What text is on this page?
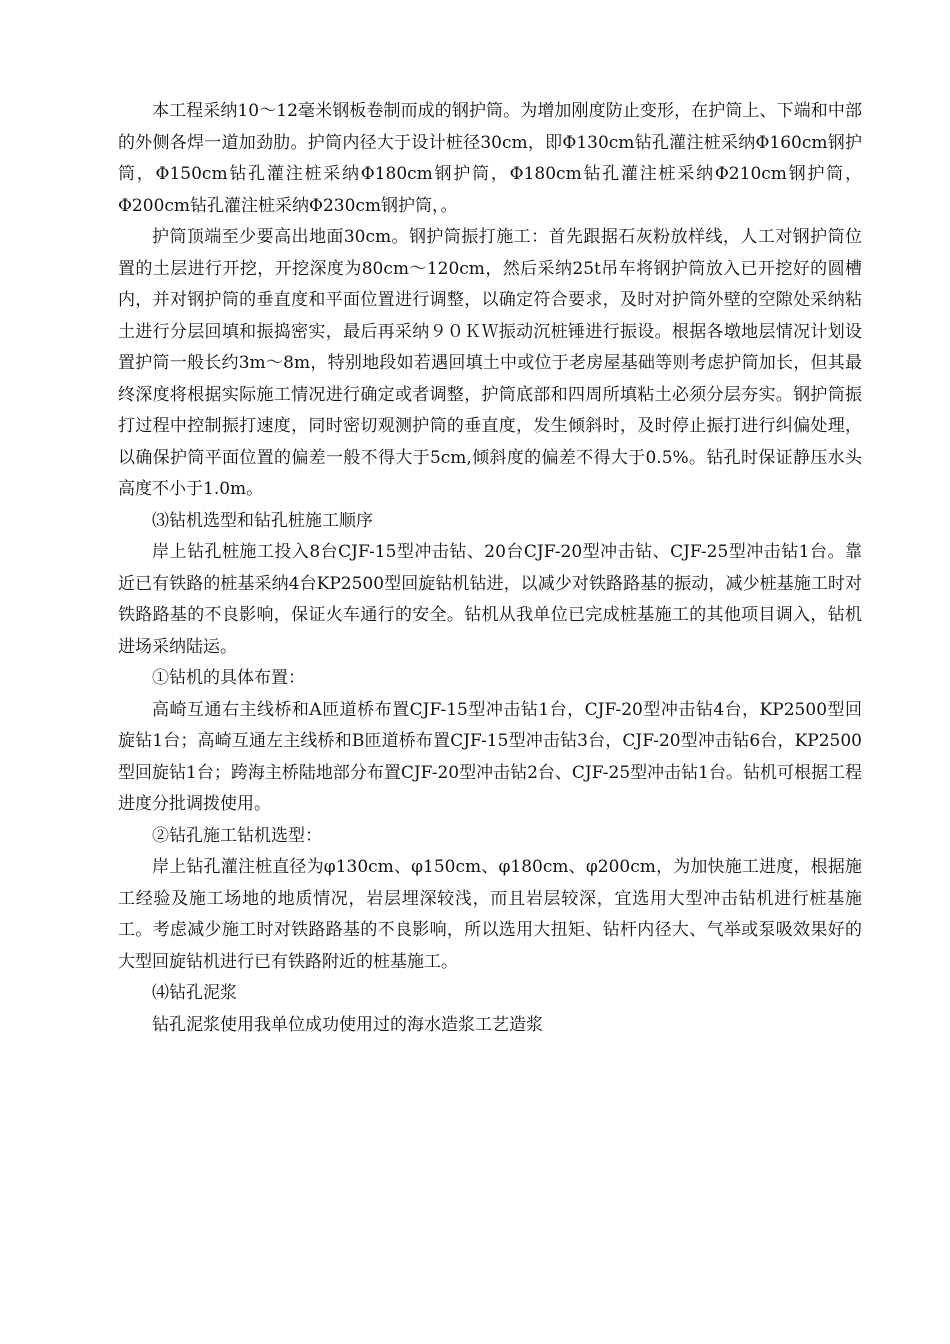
本工程采纳10～12毫米钢板卷制而成的钢护筒。为增加刚度防止变形，在护筒上、下端和中部的外侧各焊一道加劲肋。护筒内径大于设计桩径30cm，即Φ130cm钻孔灌注桩采纳Φ160cm钢护筒，Φ150cm钻孔灌注桩采纳Φ180cm钢护筒，Φ180cm钻孔灌注桩采纳Φ210cm钢护筒，Φ200cm钻孔灌注桩采纳Φ230cm钢护筒，。

护筒顶端至少要高出地面30cm。钢护筒振打施工：首先跟据石灰粉放样线，人工对钢护筒位置的土层进行开挖，开挖深度为80cm～120cm，然后采纳25t吊车将钢护筒放入已开挖好的圆槽内，并对钢护筒的垂直度和平面位置进行调整，以确定符合要求，及时对护筒外壁的空隙处采纳粘土进行分层回填和振捣密实，最后再采纳９０ＫＷ振动沉桩锤进行振设。根据各墩地层情况计划设置护筒一般长约3m～8m，特别地段如若遇回填土中或位于老房屋基础等则考虑护筒加长，但其最终深度将根据实际施工情况进行确定或者调整，护筒底部和四周所填粘土必须分层夯实。钢护筒振打过程中控制振打速度，同时密切观测护筒的垂直度，发生倾斜时，及时停止振打进行纠偏处理，以确保护筒平面位置的偏差一般不得大于5cm,倾斜度的偏差不得大于0.5%。钻孔时保证静压水头高度不小于1.0m。

⑶钻机选型和钻孔桩施工顺序

岸上钻孔桩施工投入8台CJF-15型冲击钻、20台CJF-20型冲击钻、CJF-25型冲击钻1台。靠近已有铁路的桩基采纳4台KP2500型回旋钻机钻进，以减少对铁路路基的振动，减少桩基施工时对铁路路基的不良影响，保证火车通行的安全。钻机从我单位已完成桩基施工的其他项目调入，钻机进场采纳陆运。

①钻机的具体布置：

高崎互通右主线桥和A匝道桥布置CJF-15型冲击钻1台，CJF-20型冲击钻4台，KP2500型回旋钻1台；高崎互通左主线桥和B匝道桥布置CJF-15型冲击钻3台，CJF-20型冲击钻6台，KP2500型回旋钻1台；跨海主桥陆地部分布置CJF-20型冲击钻2台、CJF-25型冲击钻1台。钻机可根据工程进度分批调拨使用。

②钻孔施工钻机选型：

岸上钻孔灌注桩直径为φ130cm、φ150cm、φ180cm、φ200cm，为加快施工进度，根据施工经验及施工场地的地质情况，岩层埋深较浅，而且岩层较深，宜选用大型冲击钻机进行桩基施工。考虑减少施工时对铁路路基的不良影响，所以选用大扭矩、钻杆内径大、气举或泵吸效果好的大型回旋钻机进行已有铁路附近的桩基施工。

⑷钻孔泥浆

钻孔泥浆使用我单位成功使用过的海水造浆工艺造浆
